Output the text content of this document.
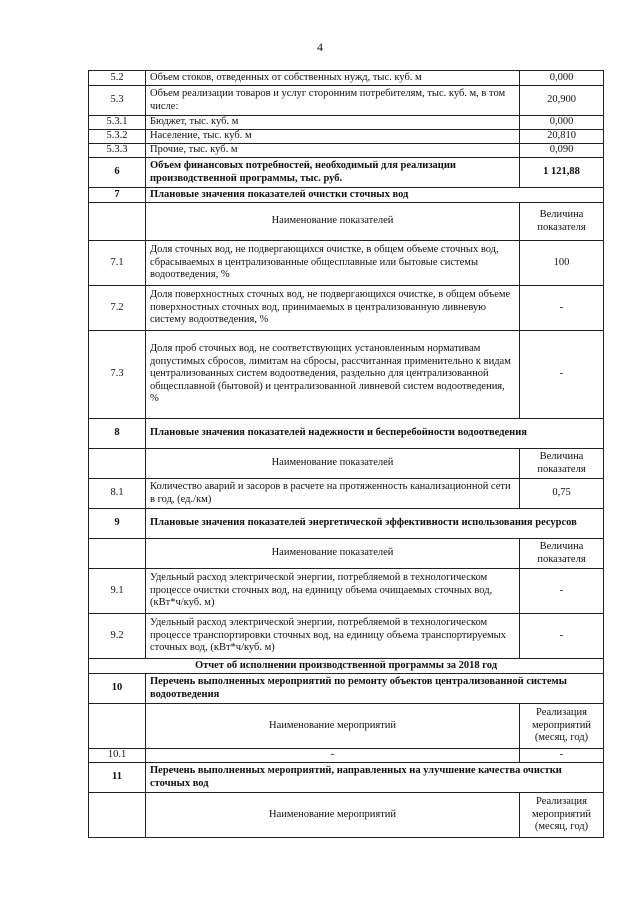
4
5.2	Объем стоков, отведенных от собственных нужд, тыс. куб. м	0,000
5.3	Объем реализации товаров и услуг сторонним потребителям, тыс. куб. м, в том числе:	20,900
5.3.1	Бюджет, тыс. куб. м	0,000
5.3.2	Население, тыс. куб. м	20,810
5.3.3	Прочие, тыс. куб. м	0,090
6	Объем финансовых потребностей, необходимый для реализации производственной программы, тыс. руб.	1 121,88
7	Плановые значения показателей очистки сточных вод	
	Наименование показателей	Величина показателя
7.1	Доля сточных вод, не подвергающихся очистке, в общем объеме сточных вод, сбрасываемых в централизованные общесплавные или бытовые системы водоотведения, %	100
7.2	Доля поверхностных сточных вод, не подвергающихся очистке, в общем объеме поверхностных сточных вод, принимаемых в централизованную ливневую систему водоотведения, %	-
7.3	Доля проб сточных вод, не соответствующих установленным нормативам допустимых сбросов, лимитам на сбросы, рассчитанная применительно к видам централизованных систем водоотведения, раздельно для централизованной общесплавной (бытовой) и централизованной ливневой систем водоотведения, %	-
8	Плановые значения показателей надежности и бесперебойности водоотведения	
	Наименование показателей	Величина показателя
8.1	Количество аварий и засоров в расчете на протяженность канализационной сети в год, (ед./км)	0,75
9	Плановые значения показателей энергетической эффективности использования ресурсов	
	Наименование показателей	Величина показателя
9.1	Удельный расход электрической энергии, потребляемой в технологическом процессе очистки сточных вод, на единицу объема очищаемых сточных вод, (кВт*ч/куб. м)	-
9.2	Удельный расход электрической энергии, потребляемой в технологическом процессе транспортировки сточных вод, на единицу объема транспортируемых сточных вод, (кВт*ч/куб. м)	-
Отчет об исполнении производственной программы за 2018 год		
10	Перечень выполненных мероприятий по ремонту объектов централизованной системы водоотведения	
	Наименование мероприятий	Реализация мероприятий (месяц, год)
10.1	-	-
11	Перечень выполненных мероприятий, направленных на улучшение качества очистки сточных вод	
	Наименование мероприятий	Реализация мероприятий (месяц, год)
